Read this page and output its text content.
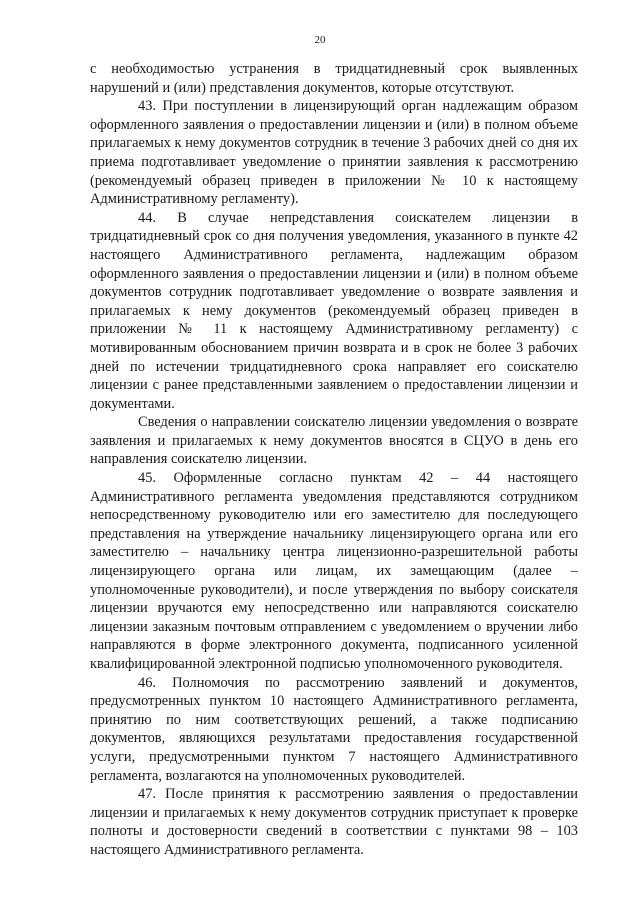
20

с необходимостью устранения в тридцатидневный срок выявленных нарушений и (или) представления документов, которые отсутствуют.

43. При поступлении в лицензирующий орган надлежащим образом оформленного заявления о предоставлении лицензии и (или) в полном объеме прилагаемых к нему документов сотрудник в течение 3 рабочих дней со дня их приема подготавливает уведомление о принятии заявления к рассмотрению (рекомендуемый образец приведен в приложении № 10 к настоящему Административному регламенту).

44. В случае непредставления соискателем лицензии в тридцатидневный срок со дня получения уведомления, указанного в пункте 42 настоящего Административного регламента, надлежащим образом оформленного заявления о предоставлении лицензии и (или) в полном объеме документов сотрудник подготавливает уведомление о возврате заявления и прилагаемых к нему документов (рекомендуемый образец приведен в приложении № 11 к настоящему Административному регламенту) с мотивированным обоснованием причин возврата и в срок не более 3 рабочих дней по истечении тридцатидневного срока направляет его соискателю лицензии с ранее представленными заявлением о предоставлении лицензии и документами.

Сведения о направлении соискателю лицензии уведомления о возврате заявления и прилагаемых к нему документов вносятся в СЦУО в день его направления соискателю лицензии.

45. Оформленные согласно пунктам 42 – 44 настоящего Административного регламента уведомления представляются сотрудником непосредственному руководителю или его заместителю для последующего представления на утверждение начальнику лицензирующего органа или его заместителю – начальнику центра лицензионно-разрешительной работы лицензирующего органа или лицам, их замещающим (далее – уполномоченные руководители), и после утверждения по выбору соискателя лицензии вручаются ему непосредственно или направляются соискателю лицензии заказным почтовым отправлением с уведомлением о вручении либо направляются в форме электронного документа, подписанного усиленной квалифицированной электронной подписью уполномоченного руководителя.

46. Полномочия по рассмотрению заявлений и документов, предусмотренных пунктом 10 настоящего Административного регламента, принятию по ним соответствующих решений, а также подписанию документов, являющихся результатами предоставления государственной услуги, предусмотренными пунктом 7 настоящего Административного регламента, возлагаются на уполномоченных руководителей.

47. После принятия к рассмотрению заявления о предоставлении лицензии и прилагаемых к нему документов сотрудник приступает к проверке полноты и достоверности сведений в соответствии с пунктами 98 – 103 настоящего Административного регламента.
